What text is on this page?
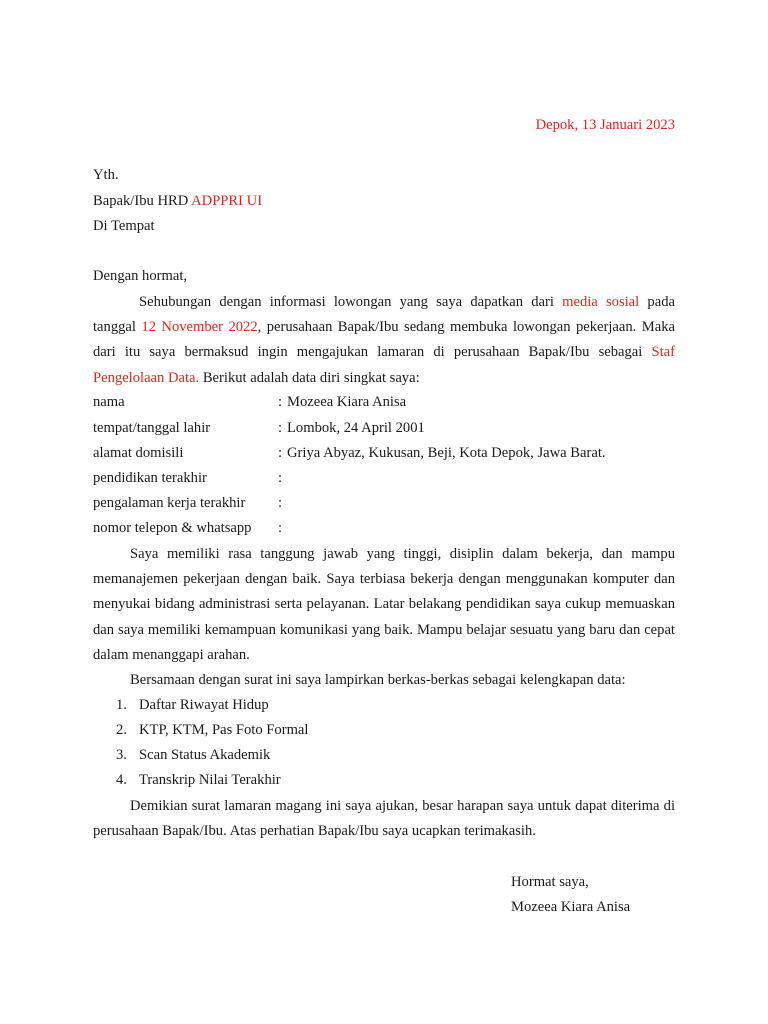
Depok, 13 Januari 2023
Yth.
Bapak/Ibu HRD ADPPRI UI
Di Tempat
Dengan hormat,
Sehubungan dengan informasi lowongan yang saya dapatkan dari media sosial pada tanggal 12 November 2022, perusahaan Bapak/Ibu sedang membuka lowongan pekerjaan. Maka dari itu saya bermaksud ingin mengajukan lamaran di perusahaan Bapak/Ibu sebagai Staf Pengelolaan Data. Berikut adalah data diri singkat saya:
nama	: Mozeea Kiara Anisa
tempat/tanggal lahir	: Lombok, 24 April 2001
alamat domisili	: Griya Abyaz, Kukusan, Beji, Kota Depok, Jawa Barat.
pendidikan terakhir	:
pengalaman kerja terakhir :
nomor telepon & whatsapp :
Saya memiliki rasa tanggung jawab yang tinggi, disiplin dalam bekerja, dan mampu memanajemen pekerjaan dengan baik. Saya terbiasa bekerja dengan menggunakan komputer dan menyukai bidang administrasi serta pelayanan. Latar belakang pendidikan saya cukup memuaskan dan saya memiliki kemampuan komunikasi yang baik. Mampu belajar sesuatu yang baru dan cepat dalam menanggapi arahan.
Bersamaan dengan surat ini saya lampirkan berkas-berkas sebagai kelengkapan data:
1. Daftar Riwayat Hidup
2. KTP, KTM, Pas Foto Formal
3. Scan Status Akademik
4. Transkrip Nilai Terakhir
Demikian surat lamaran magang ini saya ajukan, besar harapan saya untuk dapat diterima di perusahaan Bapak/Ibu. Atas perhatian Bapak/Ibu saya ucapkan terimakasih.
Hormat saya,
Mozeea Kiara Anisa
